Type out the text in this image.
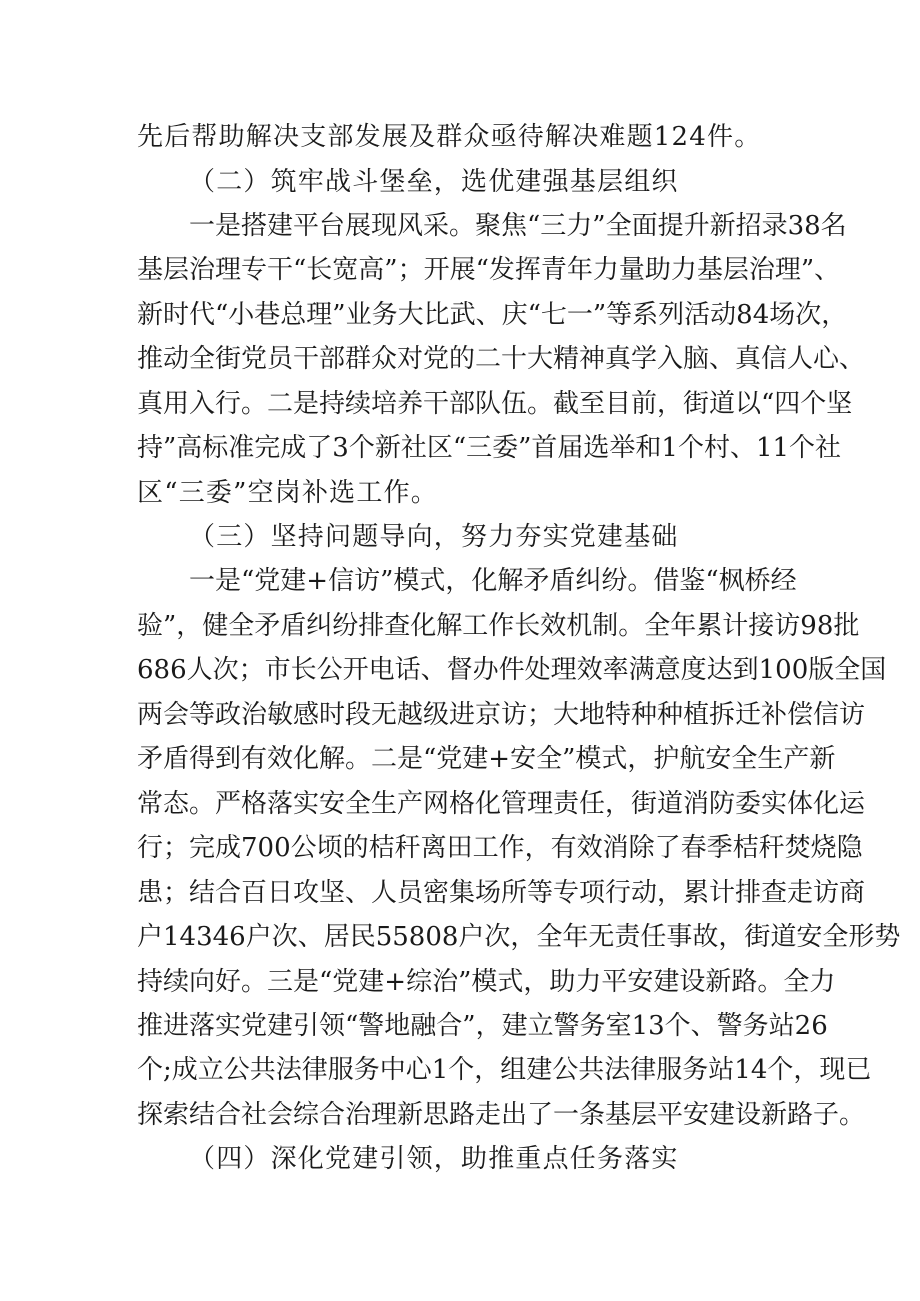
先后帮助解决支部发展及群众亟待解决难题124件。
（二）筑牢战斗堡垒，选优建强基层组织
一是搭建平台展现风采。聚焦“三力”全面提升新招录38名
基层治理专干“长宽高”；开展“发挥青年力量助力基层治理”、
新时代“小巷总理”业务大比武、庆“七一”等系列活动84场次，
推动全街党员干部群众对党的二十大精神真学入脑、真信人心、
真用入行。二是持续培养干部队伍。截至目前，街道以“四个坚
持”高标准完成了3个新社区“三委”首届选举和1个村、11个社
区“三委”空岗补选工作。
（三）坚持问题导向，努力夯实党建基础
一是“党建+信访”模式，化解矛盾纠纷。借鉴“枫桥经
验”，健全矛盾纠纷排查化解工作长效机制。全年累计接访98批
686人次；市长公开电话、督办件处理效率满意度达到100版全国
两会等政治敏感时段无越级进京访；大地特种种植拆迁补偿信访
矛盾得到有效化解。二是“党建+安全”模式，护航安全生产新
常态。严格落实安全生产网格化管理责任，街道消防委实体化运
行；完成700公顷的桔秆离田工作，有效消除了春季桔秆焚烧隐
患；结合百日攻坚、人员密集场所等专项行动，累计排查走访商
户14346户次、居民55808户次，全年无责任事故，街道安全形势
持续向好。三是“党建+综治”模式，助力平安建设新路。全力
推进落实党建引领“警地融合”，建立警务室13个、警务站26
个;成立公共法律服务中心1个，组建公共法律服务站14个，现已
探索结合社会综合治理新思路走出了一条基层平安建设新路子。
（四）深化党建引领，助推重点任务落实
